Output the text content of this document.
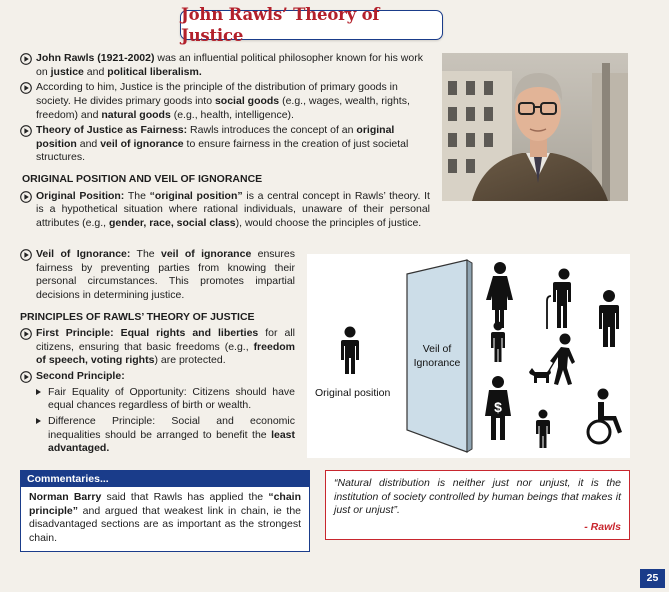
John Rawls’ Theory of Justice

John Rawls (1921-2002) was an influential political philosopher known for his work on justice and political liberalism.

According to him, Justice is the principle of the distribution of primary goods in society. He divides primary goods into social goods (e.g., wages, wealth, rights, freedom) and natural goods (e.g., health, intelligence).

Theory of Justice as Fairness: Rawls introduces the concept of an original position and veil of ignorance to ensure fairness in the creation of just societal structures.

ORIGINAL POSITION AND VEIL OF IGNORANCE

Original Position: The “original position” is a central concept in Rawls’ theory. It is a hypothetical situation where rational individuals, unaware of their personal attributes (e.g., gender, race, social class), would choose the principles of justice.

Veil of Ignorance: The veil of ignorance ensures fairness by preventing parties from knowing their personal circumstances. This promotes impartial decisions in determining justice.

PRINCIPLES OF RAWLS’ THEORY OF JUSTICE

First Principle: Equal rights and liberties for all citizens, ensuring that basic freedoms (e.g., freedom of speech, voting rights) are protected.

Second Principle:

Fair Equality of Opportunity: Citizens should have equal chances regardless of birth or wealth.

Difference Principle: Social and economic inequalities should be arranged to benefit the least advantaged.

Original position
Veil of
Ignorance
$
Commentaries...

Norman Barry said that Rawls has applied the “chain principle” and argued that weakest link in chain, ie the disadvantaged sections are as important as the strongest chain.

“Natural distribution is neither just nor unjust, it is the institution of society controlled by human beings that makes it just or unjust”.

- Rawls

25
